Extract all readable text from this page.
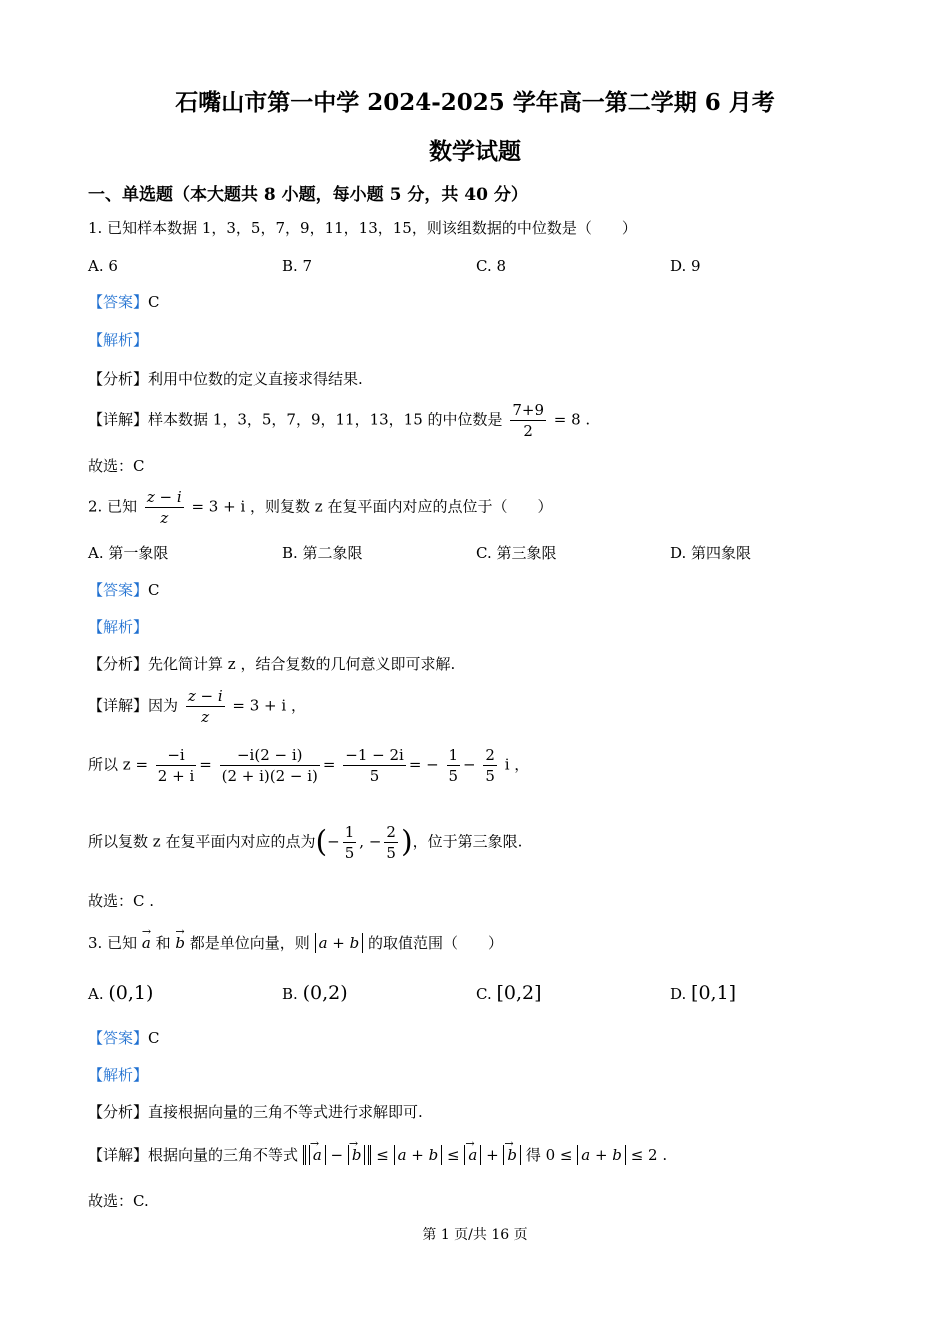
石嘴山市第一中学 2024-2025 学年高一第二学期 6 月考
数学试题
一、单选题（本大题共 8 小题，每小题 5 分，共 40 分）
1. 已知样本数据 1，3，5，7，9，11，13，15，则该组数据的中位数是（　　）
A. 6	B. 7	C. 8	D. 9
【答案】C
【解析】
【分析】利用中位数的定义直接求得结果.
【详解】样本数据 1，3，5，7，9，11，13，15 的中位数是 $\frac{7+9}{2} = 8$ .
故选：C
2. 已知 $\frac{z - i}{z} = 3 + i$ ，则复数 z 在复平面内对应的点位于（　　）
A. 第一象限	B. 第二象限	C. 第三象限	D. 第四象限
【答案】C
【解析】
【分析】先化简计算 z ，结合复数的几何意义即可求解.
【详解】因为 $\frac{z - i}{z} = 3 + i$ ，
所以 $z = \frac{-i}{2 + i} = \frac{-i(2 - i)}{(2 + i)(2 - i)} = \frac{-1 - 2i}{5}$ = − $\frac{1}{5} - \frac{2}{5}$ i ，
所以复数 z 在复平面内对应的点为(− $\frac{1}{5}$ , − $\frac{2}{5}$ )，位于第三象限.
故选：C .
3. 已知 → a 和 → b 都是单位向量，则 a + b 的取值范围（　　）
A. (0,1)	B. (0,2)	C. [0,2]	D. [0,1]
【答案】C
【解析】
【分析】直接根据向量的三角不等式进行求解即可.
【详解】根据向量的三角不等式 → a − → b ≤ a + b ≤ → a + → b 得 0 ≤ a + b ≤ 2 .
故选：C.
第 1 页/共 16 页
